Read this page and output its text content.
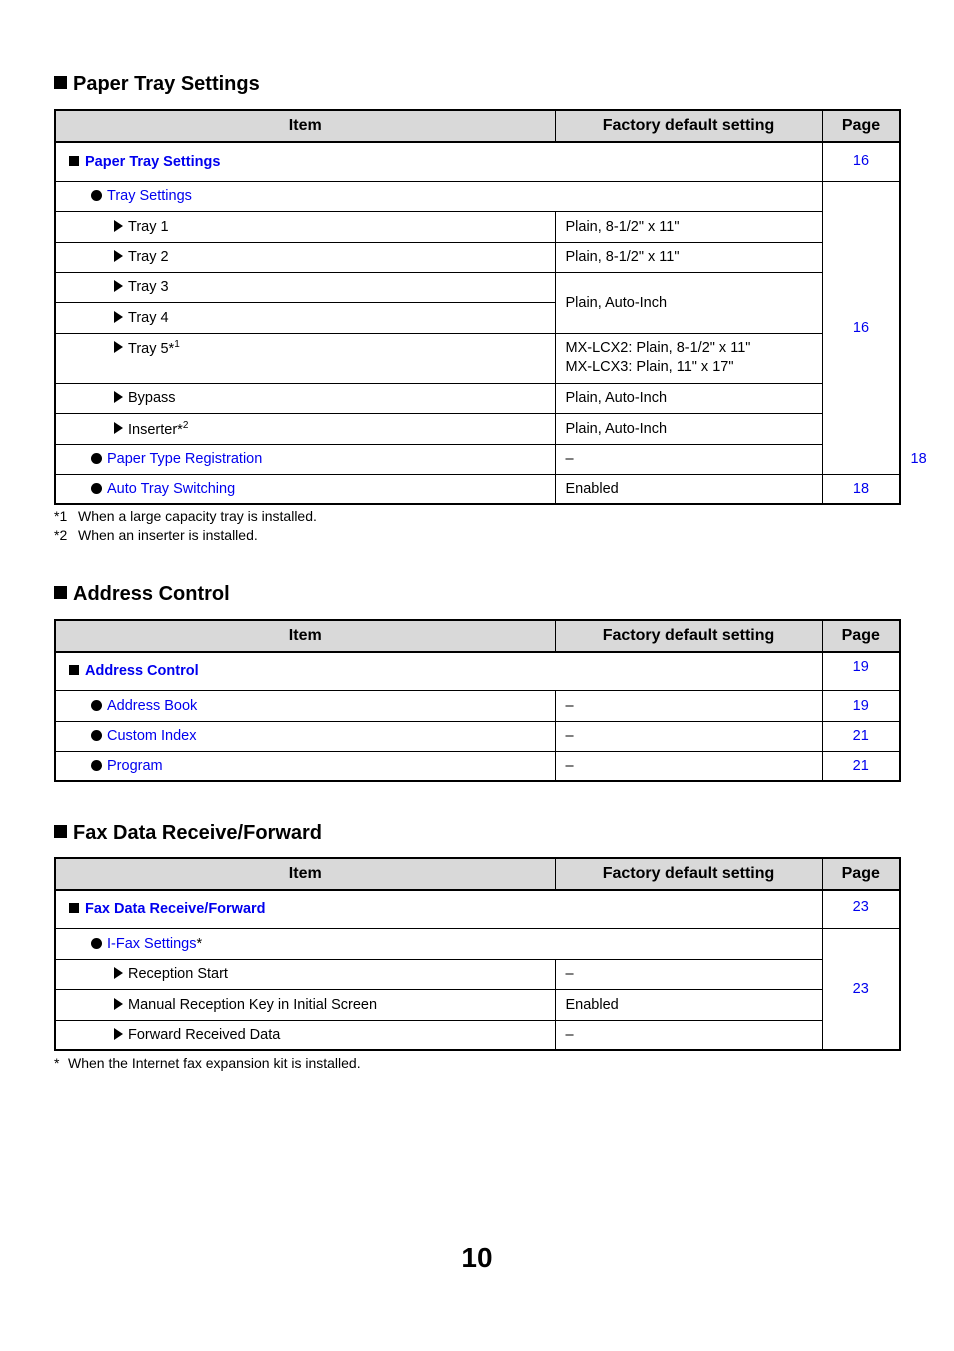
Paper Tray Settings
Item	Factory default setting	Page	
Paper Tray Settings		16	
Tray Settings		16	
Tray 1	Plain, 8-1/2" x 11"		
Tray 2	Plain, 8-1/2" x 11"		
Tray 3	Plain, Auto-Inch		
Tray 4			
Tray 5*$^1$	MX-LCX2: Plain, 8-1/2" x 11"
MX-LCX3: Plain, 11" x 17"		

Bypass	Plain, Auto-Inch		
Inserter*$^2$	Plain, Auto-Inch		
Paper Type Registration	–		18
Auto Tray Switching	Enabled	18	
*1 When a large capacity tray is installed.
*2 When an inserter is installed.
Address Control
Item	Factory default setting	Page
Address Control		19
Address Book	–	19
Custom Index	–	21
Program	–	21
Fax Data Receive/Forward
Item	Factory default setting	Page
Fax Data Receive/Forward		23
I-Fax Settings*		23
Reception Start	–	
Manual Reception Key in Initial Screen	Enabled	
Forward Received Data	–	
* When the Internet fax expansion kit is installed.
10
